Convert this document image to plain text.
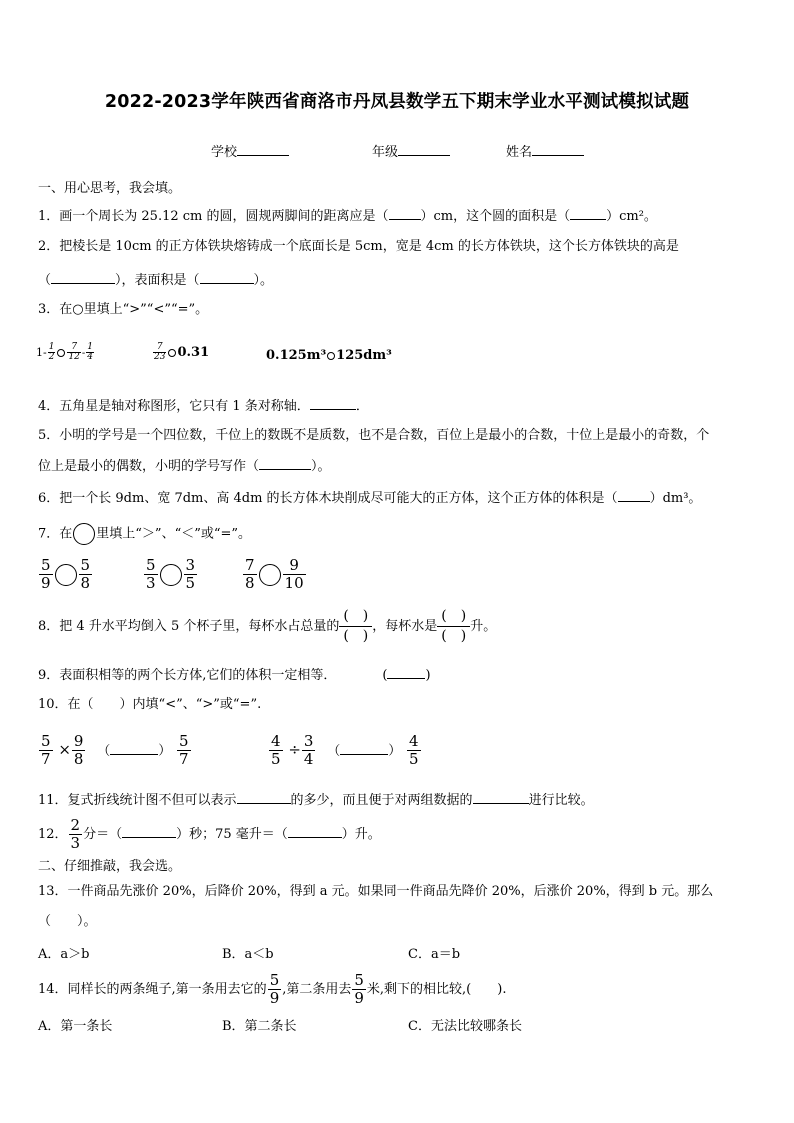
2022-2023学年陕西省商洛市丹凤县数学五下期末学业水平测试模拟试题
学校	年级	姓名
一、用心思考，我会填。
1．画一个周长为 25.12 cm 的圆，圆规两脚间的距离应是（ ）cm，这个圆的面积是（	）cm²。
2．把棱长是 10cm 的正方体铁块熔铸成一个底面长是 5cm，宽是 4cm 的长方体铁块，这个长方体铁块的高是
（	），表面积是（	）。
3．在○里填上“>”“<”“=”。
$1- \frac{1}{2} \frac{7}{12} - \frac{1}{4}$	$\frac{7}{23} 0.31$	0.125m³ 125dm³
4．五角星是轴对称图形，它只有 1 条对称轴．	．
5．小明的学号是一个四位数，千位上的数既不是质数，也不是合数，百位上是最小的合数，十位上是最小的奇数，个
位上是最小的偶数，小明的学号写作（	）。
6．把一个长 9dm、宽 7dm、高 4dm 的长方体木块削成尽可能大的正方体，这个正方体的体积是（ ）dm³。
7．在 里填上“＞”、“＜”或“=”。
$\frac{5}{9} \frac{5}{8}$	$\frac{5}{3} \frac{3}{5}$	$\frac{7}{8} \frac{9}{10}$
8．把 4 升水平均倒入 5 个杯子里，每杯水占总量的 $\frac{( )}{( )}$ ，每杯水是 $\frac{( )}{( )}$ 升。
9．表面积相等的两个长方体,它们的体积一定相等．	(	)
10．在（　　）内填“<”、“>”或“=”.
$\frac{5}{7} \times \frac{9}{8}$ （	） $\frac{5}{7}$	$\frac{4}{5} \div \frac{3}{4}$ （	） $\frac{4}{5}$
11．复式折线统计图不但可以表示	的多少，而且便于对两组数据的	进行比较。
12． $\frac{2}{3}$ 分＝（	）秒；75 毫升＝（	）升。
二、仔细推敲，我会选。
13．一件商品先涨价 20%，后降价 20%，得到 a 元。如果同一件商品先降价 20%，后涨价 20%，得到 b 元。那么
（　　）。
A．a＞b	B．a＜b	C．a＝b
14．同样长的两条绳子,第一条用去它的 $\frac{5}{9}$ ,第二条用去 $\frac{5}{9}$ 米,剩下的相比较,(　　).
A．第一条长	B．第二条长	C．无法比较哪条长
